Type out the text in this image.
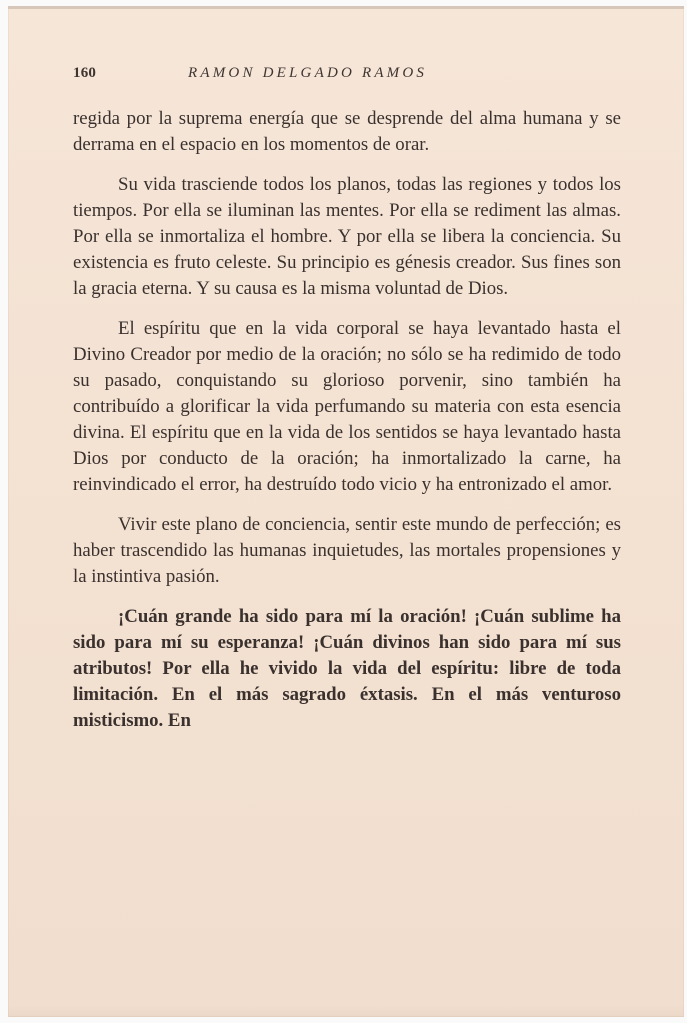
160	RAMON DELGADO RAMOS

regida por la suprema energía que se desprende del alma humana y se derrama en el espacio en los momentos de orar.

Su vida trasciende todos los planos, todas las regiones y todos los tiempos. Por ella se iluminan las mentes. Por ella se rediment las almas. Por ella se inmortaliza el hombre. Y por ella se libera la conciencia. Su existencia es fruto celeste. Su principio es génesis creador. Sus fines son la gracia eterna. Y su causa es la misma voluntad de Dios.

El espíritu que en la vida corporal se haya levantado hasta el Divino Creador por medio de la oración; no sólo se ha redimido de todo su pasado, conquistando su glorioso porvenir, sino también ha contribuído a glorificar la vida perfumando su materia con esta esencia divina. El espíritu que en la vida de los sentidos se haya levantado hasta Dios por conducto de la oración; ha inmortalizado la carne, ha reinvindicado el error, ha destruído todo vicio y ha entronizado el amor.

Vivir este plano de conciencia, sentir este mundo de perfección; es haber trascendido las humanas inquietudes, las mortales propensiones y la instintiva pasión.

¡Cuán grande ha sido para mí la oración! ¡Cuán sublime ha sido para mí su esperanza! ¡Cuán divinos han sido para mí sus atributos! Por ella he vivido la vida del espíritu: libre de toda limitación. En el más sagrado éxtasis. En el más venturoso misticismo. En
